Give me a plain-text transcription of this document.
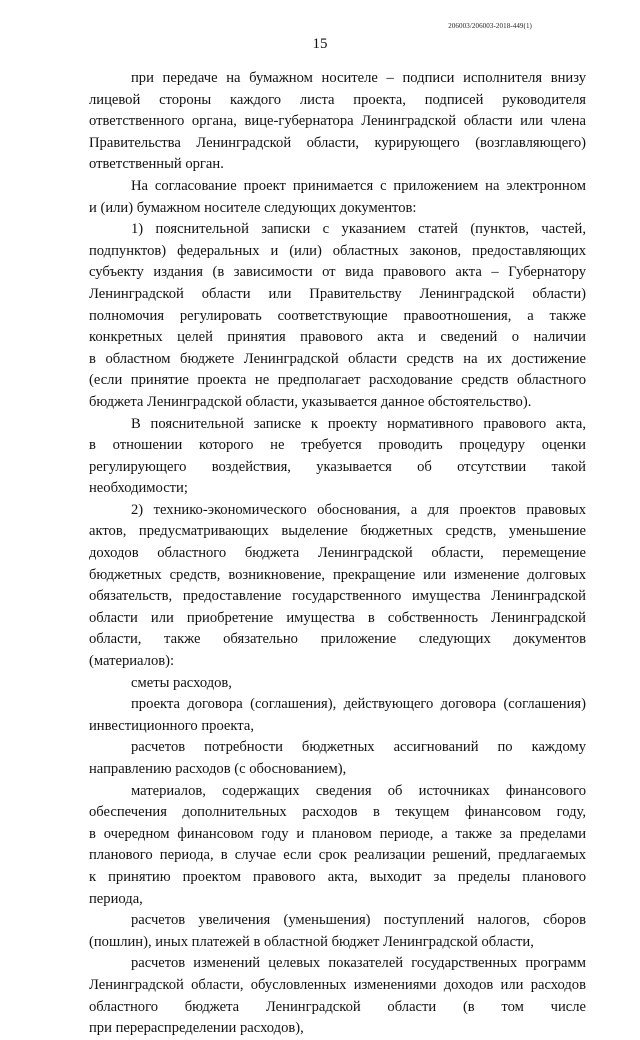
206003/206003-2018-449(1)
15
при передаче на бумажном носителе – подписи исполнителя внизу
лицевой стороны каждого листа проекта, подписей руководителя
ответственного органа, вице-губернатора Ленинградской области или члена
Правительства Ленинградской области, курирующего (возглавляющего)
ответственный орган.
На согласование проект принимается с приложением на электронном
и (или) бумажном носителе следующих документов:
1) пояснительной записки с указанием статей (пунктов, частей,
подпунктов) федеральных и (или) областных законов, предоставляющих
субъекту издания (в зависимости от вида правового акта – Губернатору
Ленинградской области или Правительству Ленинградской области)
полномочия регулировать соответствующие правоотношения, а также
конкретных целей принятия правового акта и сведений о наличии
в областном бюджете Ленинградской области средств на их достижение
(если принятие проекта не предполагает расходование средств областного
бюджета Ленинградской области, указывается данное обстоятельство).
В пояснительной записке к проекту нормативного правового акта,
в отношении которого не требуется проводить процедуру оценки
регулирующего воздействия, указывается об отсутствии такой
необходимости;
2) технико-экономического обоснования, а для проектов правовых
актов, предусматривающих выделение бюджетных средств, уменьшение
доходов областного бюджета Ленинградской области, перемещение
бюджетных средств, возникновение, прекращение или изменение долговых
обязательств, предоставление государственного имущества Ленинградской
области или приобретение имущества в собственность Ленинградской
области, также обязательно приложение следующих документов
(материалов):
сметы расходов,
проекта договора (соглашения), действующего договора (соглашения)
инвестиционного проекта,
расчетов потребности бюджетных ассигнований по каждому
направлению расходов (с обоснованием),
материалов, содержащих сведения об источниках финансового
обеспечения дополнительных расходов в текущем финансовом году,
в очередном финансовом году и плановом периоде, а также за пределами
планового периода, в случае если срок реализации решений, предлагаемых
к принятию проектом правового акта, выходит за пределы планового
периода,
расчетов увеличения (уменьшения) поступлений налогов, сборов
(пошлин), иных платежей в областной бюджет Ленинградской области,
расчетов изменений целевых показателей государственных программ
Ленинградской области, обусловленных изменениями доходов или расходов
областного бюджета Ленинградской области (в том числе
при перераспределении расходов),
